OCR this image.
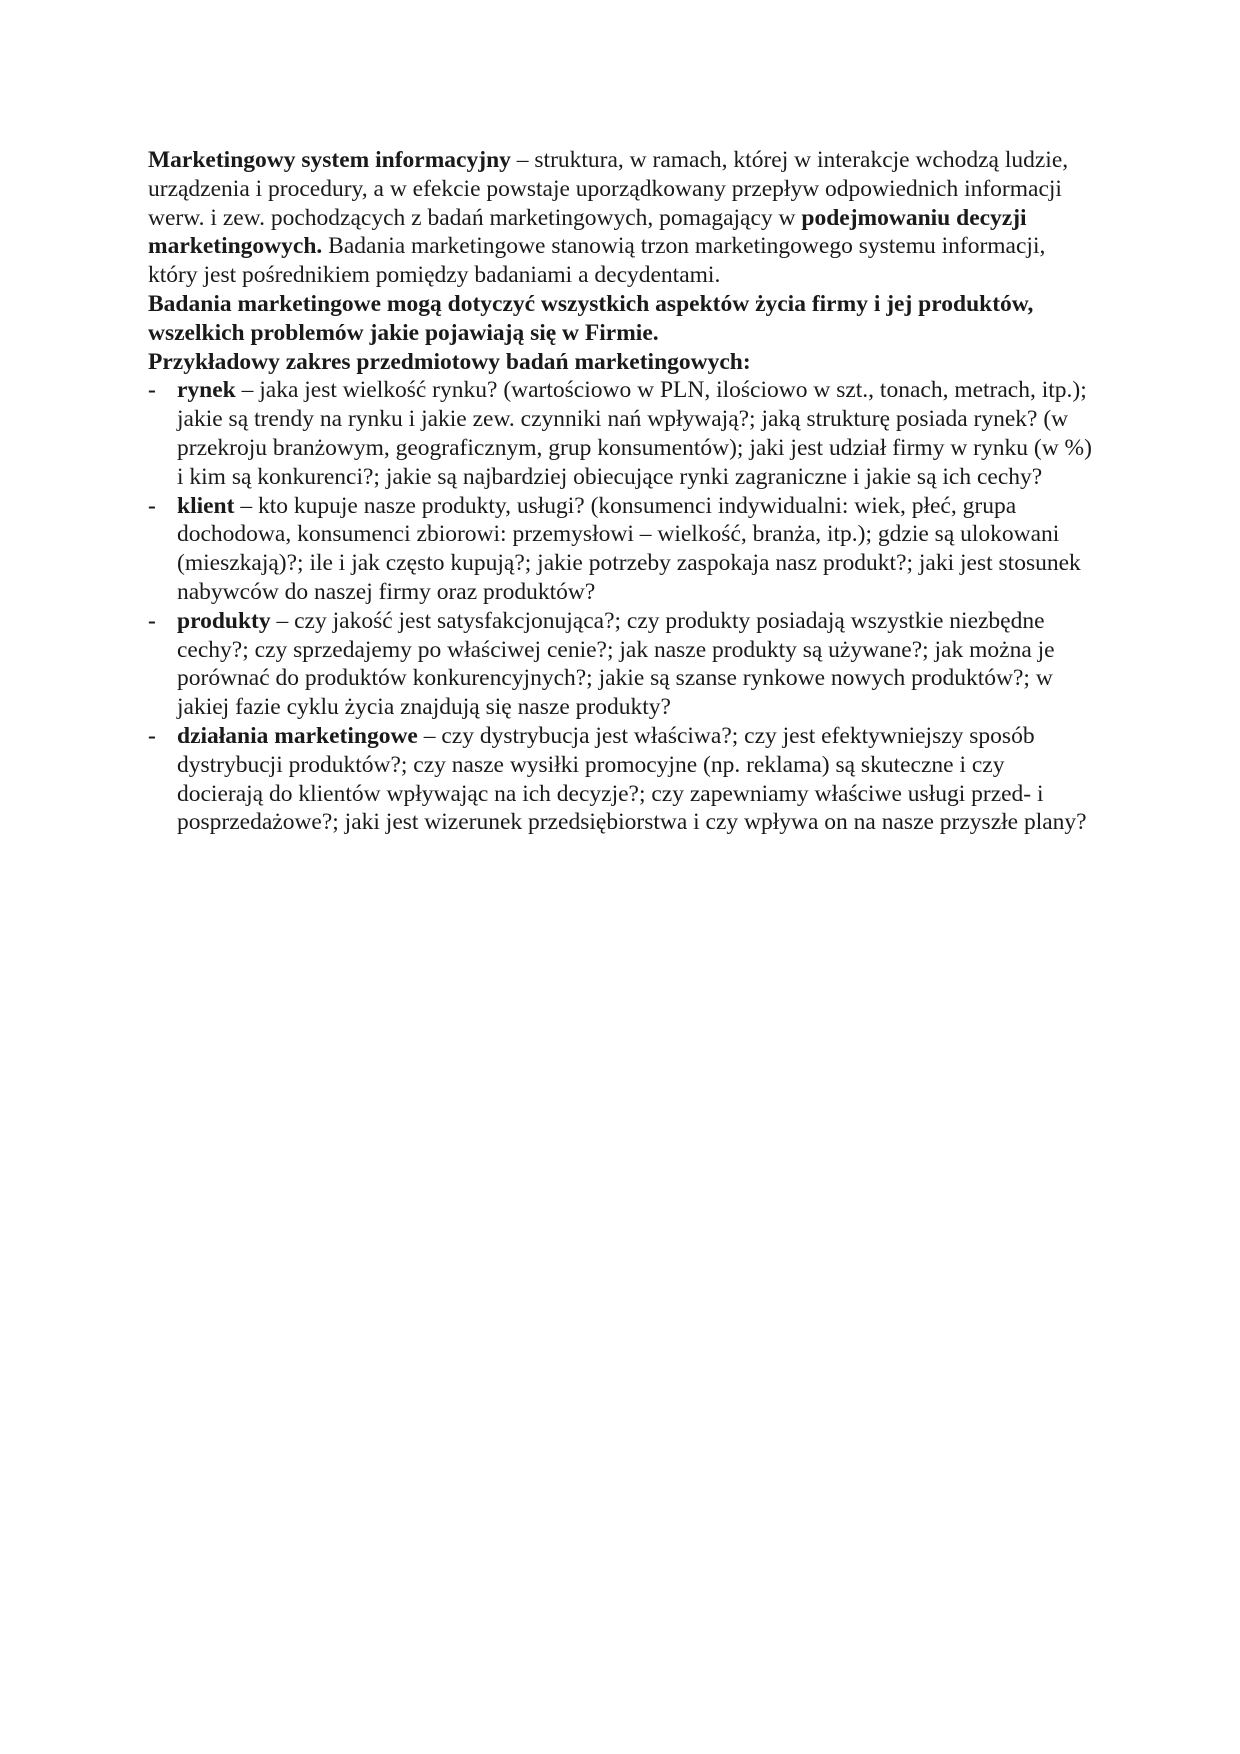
Marketingowy system informacyjny – struktura, w ramach, której w interakcje wchodzą ludzie, urządzenia i procedury, a w efekcie powstaje uporządkowany przepływ odpowiednich informacji werw. i zew. pochodzących z badań marketingowych, pomagający w podejmowaniu decyzji marketingowych. Badania marketingowe stanowią trzon marketingowego systemu informacji, który jest pośrednikiem pomiędzy badaniami a decydentami.

Badania marketingowe mogą dotyczyć wszystkich aspektów życia firmy i jej produktów, wszelkich problemów jakie pojawiają się w Firmie.

Przykładowy zakres przedmiotowy badań marketingowych:

- rynek – jaka jest wielkość rynku? (wartościowo w PLN, ilościowo w szt., tonach, metrach, itp.); jakie są trendy na rynku i jakie zew. czynniki nań wpływają?; jaką strukturę posiada rynek? (w przekroju branżowym, geograficznym, grup konsumentów); jaki jest udział firmy w rynku (w %) i kim są konkurenci?; jakie są najbardziej obiecujące rynki zagraniczne i jakie są ich cechy?
- klient – kto kupuje nasze produkty, usługi? (konsumenci indywidualni: wiek, płeć, grupa dochodowa, konsumenci zbiorowi: przemysłowi – wielkość, branża, itp.); gdzie są ulokowani (mieszkają)?; ile i jak często kupują?; jakie potrzeby zaspokaja nasz produkt?; jaki jest stosunek nabywców do naszej firmy oraz produktów?
- produkty – czy jakość jest satysfakcjonująca?; czy produkty posiadają wszystkie niezbędne cechy?; czy sprzedajemy po właściwej cenie?; jak nasze produkty są używane?; jak można je porównać do produktów konkurencyjnych?; jakie są szanse rynkowe nowych produktów?; w jakiej fazie cyklu życia znajdują się nasze produkty?
- działania marketingowe – czy dystrybucja jest właściwa?; czy jest efektywniejszy sposób dystrybucji produktów?; czy nasze wysiłki promocyjne (np. reklama) są skuteczne i czy docierają do klientów wpływając na ich decyzje?; czy zapewniamy właściwe usługi przed- i posprzedażowe?; jaki jest wizerunek przedsiębiorstwa i czy wpływa on na nasze przyszłe plany?
